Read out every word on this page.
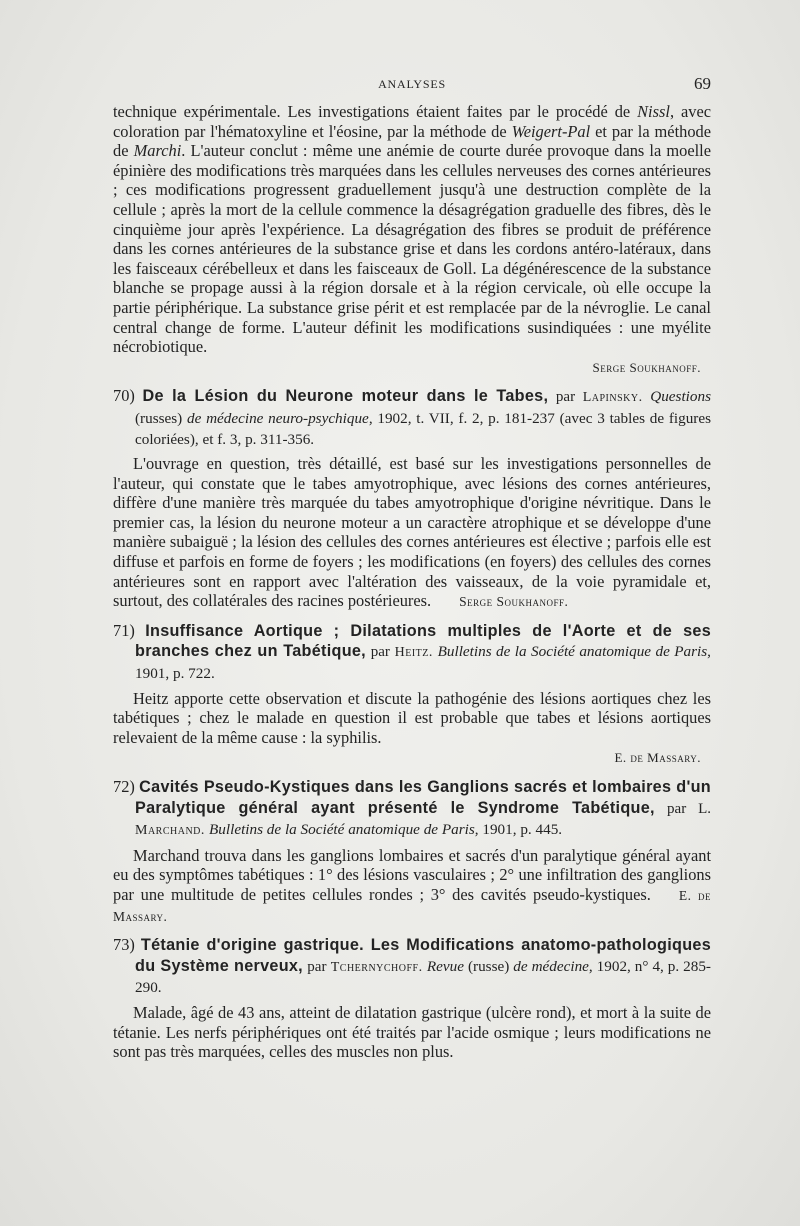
ANALYSES	69

technique expérimentale. Les investigations étaient faites par le procédé de Nissl, avec coloration par l'hématoxyline et l'éosine, par la méthode de Weigert-Pal et par la méthode de Marchi. L'auteur conclut : même une anémie de courte durée provoque dans la moelle épinière des modifications très marquées dans les cellules nerveuses des cornes antérieures ; ces modifications progressent graduellement jusqu'à une destruction complète de la cellule ; après la mort de la cellule commence la désagrégation graduelle des fibres, dès le cinquième jour après l'expérience. La désagrégation des fibres se produit de préférence dans les cornes antérieures de la substance grise et dans les cordons antéro-latéraux, dans les faisceaux cérébelleux et dans les faisceaux de Goll. La dégénérescence de la substance blanche se propage aussi à la région dorsale et à la région cervicale, où elle occupe la partie périphérique. La substance grise périt et est remplacée par de la névroglie. Le canal central change de forme. L'auteur définit les modifications susindiquées : une myélite nécrobiotique.

Serge Soukhanoff.

70) De la Lésion du Neurone moteur dans le Tabes, par Lapinsky. Questions (russes) de médecine neuro-psychique, 1902, t. VII, f. 2, p. 181-237 (avec 3 tables de figures coloriées), et f. 3, p. 311-356.

L'ouvrage en question, très détaillé, est basé sur les investigations personnelles de l'auteur, qui constate que le tabes amyotrophique, avec lésions des cornes antérieures, diffère d'une manière très marquée du tabes amyotrophique d'origine névritique. Dans le premier cas, la lésion du neurone moteur a un caractère atrophique et se développe d'une manière subaiguë ; la lésion des cellules des cornes antérieures est élective ; parfois elle est diffuse et parfois en forme de foyers ; les modifications (en foyers) des cellules des cornes antérieures sont en rapport avec l'altération des vaisseaux, de la voie pyramidale et, surtout, des collatérales des racines postérieures. Serge Soukhanoff.

71) Insuffisance Aortique ; Dilatations multiples de l'Aorte et de ses branches chez un Tabétique, par Heitz. Bulletins de la Société anatomique de Paris, 1901, p. 722.

Heitz apporte cette observation et discute la pathogénie des lésions aortiques chez les tabétiques ; chez le malade en question il est probable que tabes et lésions aortiques relevaient de la même cause : la syphilis.

E. de Massary.

72) Cavités Pseudo-Kystiques dans les Ganglions sacrés et lombaires d'un Paralytique général ayant présenté le Syndrome Tabétique, par L. Marchand. Bulletins de la Société anatomique de Paris, 1901, p. 445.

Marchand trouva dans les ganglions lombaires et sacrés d'un paralytique général ayant eu des symptômes tabétiques : 1° des lésions vasculaires ; 2° une infiltration des ganglions par une multitude de petites cellules rondes ; 3° des cavités pseudo-kystiques. E. de Massary.

73) Tétanie d'origine gastrique. Les Modifications anatomo-pathologiques du Système nerveux, par Tchernychoff. Revue (russe) de médecine, 1902, n° 4, p. 285-290.

Malade, âgé de 43 ans, atteint de dilatation gastrique (ulcère rond), et mort à la suite de tétanie. Les nerfs périphériques ont été traités par l'acide osmique ; leurs modifications ne sont pas très marquées, celles des muscles non plus.
